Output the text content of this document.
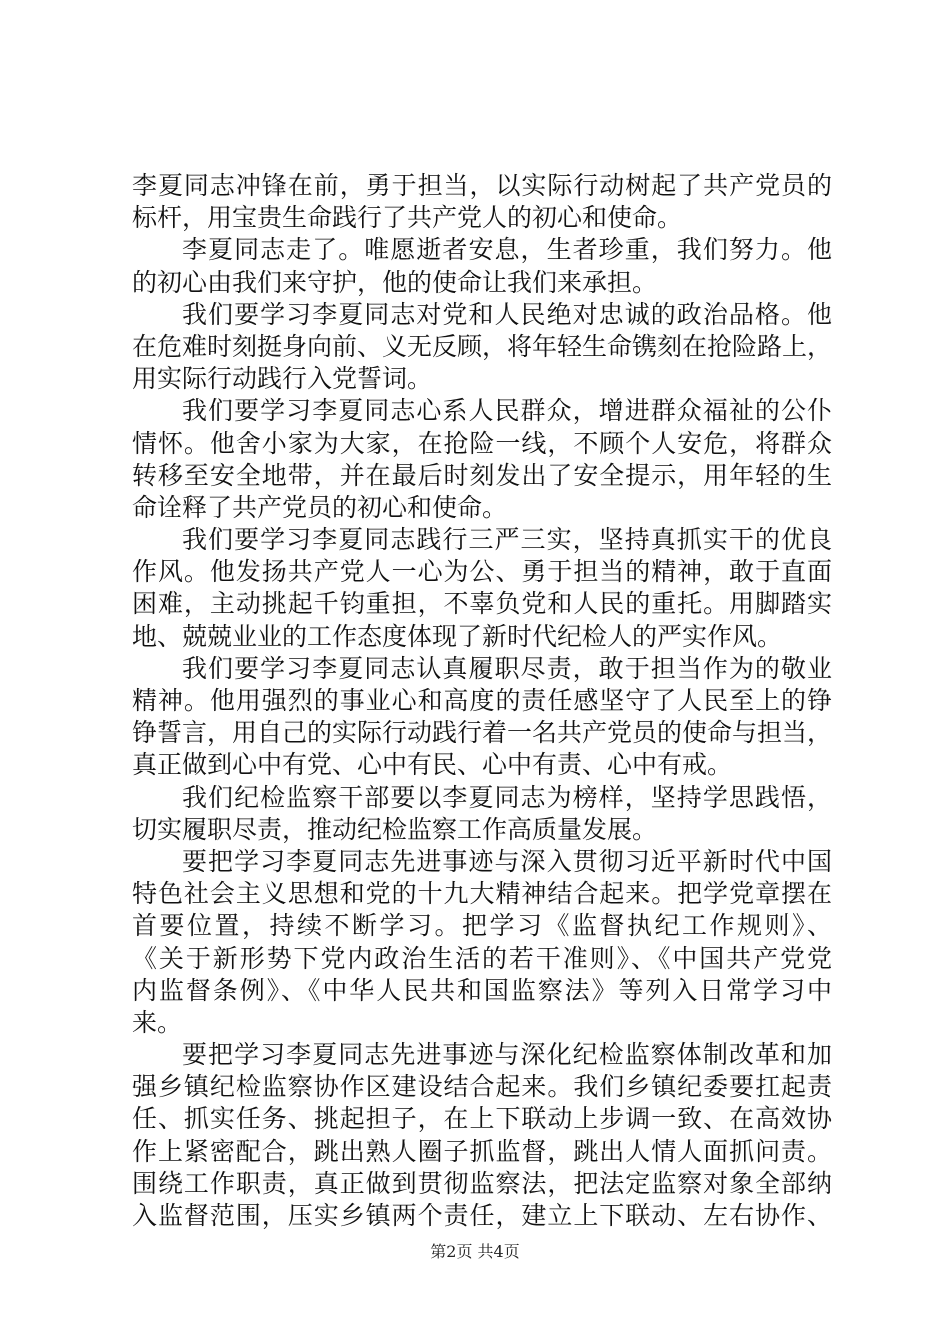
李夏同志冲锋在前，勇于担当，以实际行动树起了共产党员的
标杆，用宝贵生命践行了共产党人的初心和使命。
李夏同志走了。唯愿逝者安息，生者珍重，我们努力。他
的初心由我们来守护，他的使命让我们来承担。
我们要学习李夏同志对党和人民绝对忠诚的政治品格。他
在危难时刻挺身向前、义无反顾，将年轻生命镌刻在抢险路上，
用实际行动践行入党誓词。
我们要学习李夏同志心系人民群众，增进群众福祉的公仆
情怀。他舍小家为大家，在抢险一线，不顾个人安危，将群众
转移至安全地带，并在最后时刻发出了安全提示，用年轻的生
命诠释了共产党员的初心和使命。
我们要学习李夏同志践行三严三实，坚持真抓实干的优良
作风。他发扬共产党人一心为公、勇于担当的精神，敢于直面
困难，主动挑起千钧重担，不辜负党和人民的重托。用脚踏实
地、兢兢业业的工作态度体现了新时代纪检人的严实作风。
我们要学习李夏同志认真履职尽责，敢于担当作为的敬业
精神。他用强烈的事业心和高度的责任感坚守了人民至上的铮
铮誓言，用自己的实际行动践行着一名共产党员的使命与担当，
真正做到心中有党、心中有民、心中有责、心中有戒。
我们纪检监察干部要以李夏同志为榜样，坚持学思践悟，
切实履职尽责，推动纪检监察工作高质量发展。
要把学习李夏同志先进事迹与深入贯彻习近平新时代中国
特色社会主义思想和党的十九大精神结合起来。把学党章摆在
首要位置，持续不断学习。把学习《监督执纪工作规则》、
《关于新形势下党内政治生活的若干准则》、《中国共产党党
内监督条例》、《中华人民共和国监察法》等列入日常学习中
来。
要把学习李夏同志先进事迹与深化纪检监察体制改革和加
强乡镇纪检监察协作区建设结合起来。我们乡镇纪委要扛起责
任、抓实任务、挑起担子，在上下联动上步调一致、在高效协
作上紧密配合，跳出熟人圈子抓监督，跳出人情人面抓问责。
围绕工作职责，真正做到贯彻监察法，把法定监察对象全部纳
入监督范围，压实乡镇两个责任，建立上下联动、左右协作、
第2页 共4页
